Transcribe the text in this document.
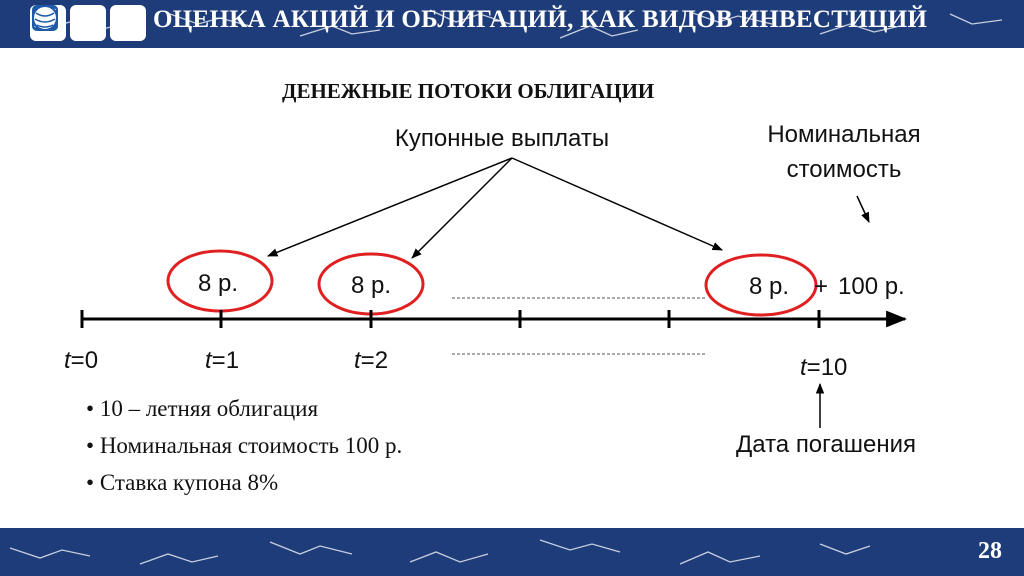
ОЦЕНКА АКЦИЙ И ОБЛИГАЦИЙ, КАК ВИДОВ ИНВЕСТИЦИЙ
ДЕНЕЖНЫЕ ПОТОКИ ОБЛИГАЦИИ
Купонные выплаты	Номинальная
стоимость
8 р.	8 р.	8 р. + 100 р.
t=0	t=1	t=2	t=10
Дата погашения
• 10 – летняя облигация
• Номинальная стоимость 100 р.
• Ставка купона 8%
28
